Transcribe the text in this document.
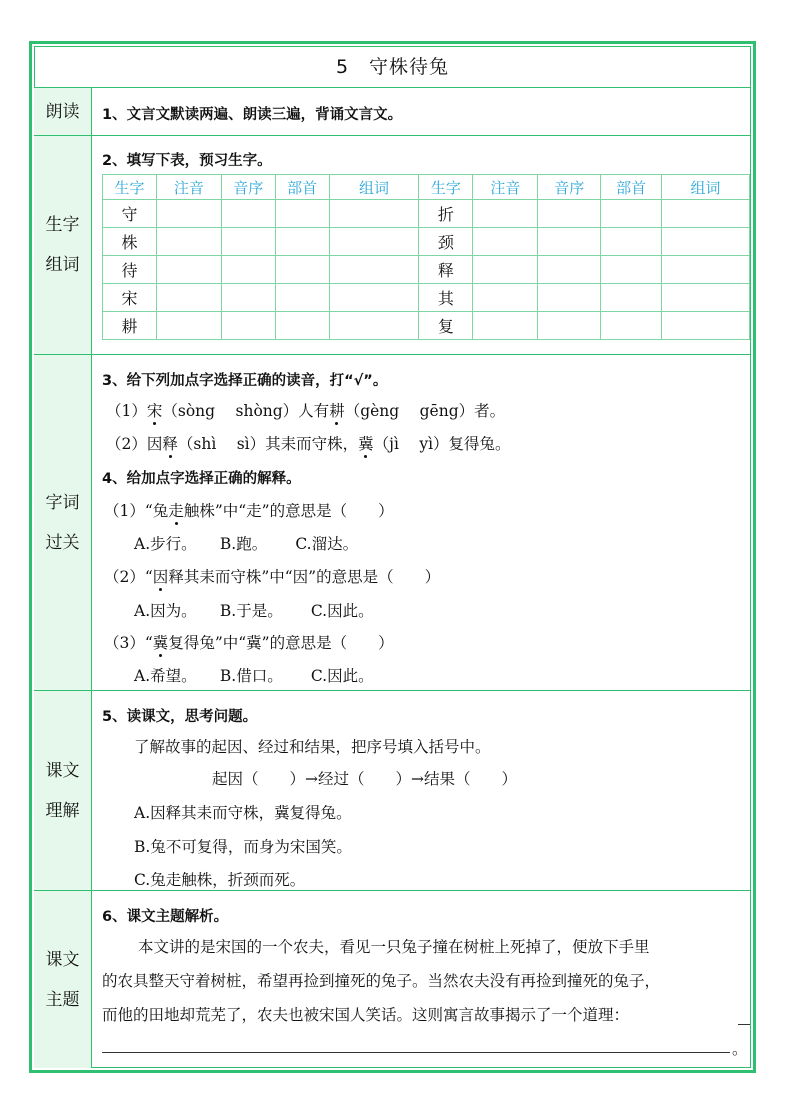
5　守株待兔
朗读 1、文言文默读两遍、朗读三遍，背诵文言文。
生字
组词
2、填写下表，预习生字。
生字	注音	音序	部首	组词	生字	注音	音序	部首	组词
守					折				
株					颈				
待					释				
宋					其				
耕					复				
字词
过关
3、给下列加点字选择正确的读音，打“√”。
（1）宋（sòng　 shòng）人有耕（gèng　 gēng）者。
（2）因释（shì　 sì）其耒而守株，冀（jì　 yì）复得兔。
4、给加点字选择正确的解释。
（1）“兔走触株”中“走”的意思是（　　）
A.步行。　　B.跑。　　 C.溜达。
（2）“因释其耒而守株”中“因”的意思是（　　）
A.因为。　　B.于是。　　 C.因此。
（3）“冀复得兔”中“冀”的意思是（　　）
A.希望。　　B.借口。　　 C.因此。
课文
理解
5、读课文，思考问题。
了解故事的起因、经过和结果，把序号填入括号中。
起因（　　）→经过（　　）→结果（　　）
A.因释其耒而守株，冀复得兔。
B.兔不可复得，而身为宋国笑。
C.兔走触株，折颈而死。
课文
主题
6、课文主题解析。
本文讲的是宋国的一个农夫，看见一只兔子撞在树桩上死掉了，便放下手里
的农具整天守着树桩，希望再捡到撞死的兔子。当然农夫没有再捡到撞死的兔子，
而他的田地却荒芜了，农夫也被宋国人笑话。这则寓言故事揭示了一个道理：
。
